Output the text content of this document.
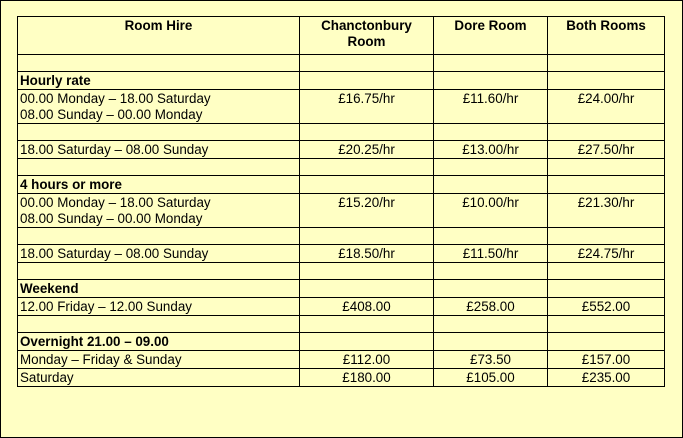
Room Hire	Chanctonbury Room	Dore Room	Both Rooms

Hourly rate			

00.00 Monday – 18.00 Saturday
08.00 Sunday – 00.00 Monday	£16.75/hr	£11.60/hr	£24.00/hr

18.00 Saturday – 08.00 Sunday	£20.25/hr	£13.00/hr	£27.50/hr

4 hours or more			

00.00 Monday – 18.00 Saturday
08.00 Sunday – 00.00 Monday	£15.20/hr	£10.00/hr	£21.30/hr

18.00 Saturday – 08.00 Sunday	£18.50/hr	£11.50/hr	£24.75/hr

Weekend			
12.00 Friday – 12.00 Sunday	£408.00	£258.00	£552.00

Overnight 21.00 – 09.00			
Monday – Friday & Sunday	£112.00	£73.50	£157.00
Saturday	£180.00	£105.00	£235.00
